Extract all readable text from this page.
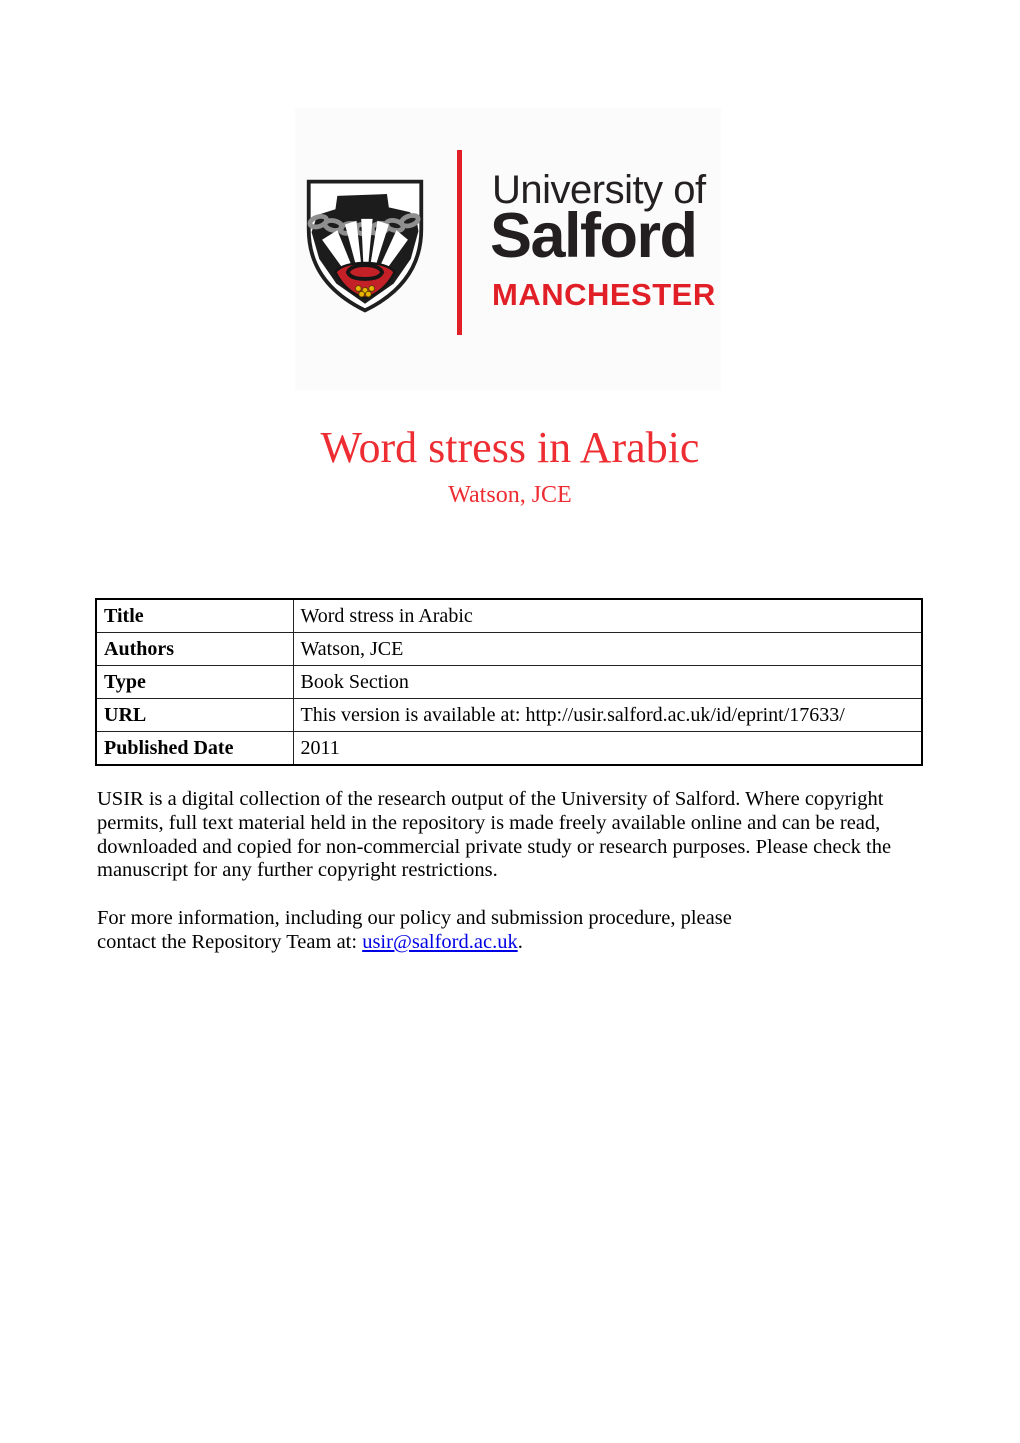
University of
Salford
MANCHESTER
Word stress in Arabic
Watson, JCE
Title	Word stress in Arabic
Authors	Watson, JCE
Type	Book Section
URL	This version is available at: http://usir.salford.ac.uk/id/eprint/17633/
Published Date	2011
USIR is a digital collection of the research output of the University of Salford. Where copyright
permits, full text material held in the repository is made freely available online and can be read,
downloaded and copied for non-commercial private study or research purposes. Please check the
manuscript for any further copyright restrictions.
For more information, including our policy and submission procedure, please
contact the Repository Team at: usir@salford.ac.uk.
